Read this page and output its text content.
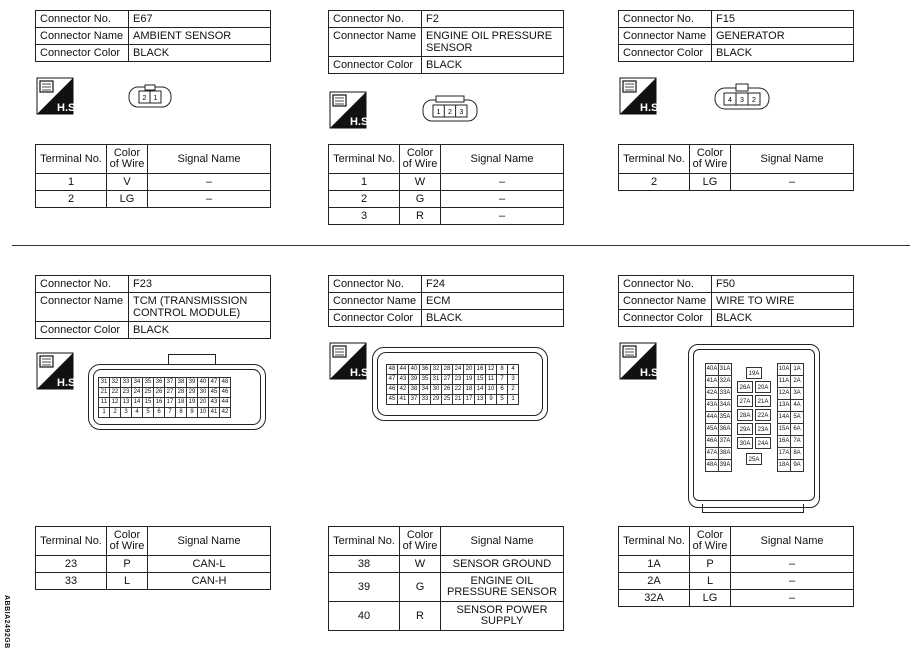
Connector No.	E67
Connector Name	AMBIENT SENSOR
Connector Color	BLACK
Connector No.	F2
Connector Name	ENGINE OIL PRESSURE SENSOR
Connector Color	BLACK
Connector No.	F15
Connector Name	GENERATOR
Connector Color	BLACK
H.S.
H.S.
H.S.
2 1
1 2 3
4 3 2
Terminal No.	Color of Wire	Signal Name
1	V	–
2	LG	–
Terminal No.	Color of Wire	Signal Name
1	W	–
2	G	–
3	R	–
Terminal No.	Color of Wire	Signal Name
2	LG	–
Connector No.	F23
Connector Name	TCM (TRANSMISSION CONTROL MODULE)
Connector Color	BLACK
Connector No.	F24
Connector Name	ECM
Connector Color	BLACK
Connector No.	F50
Connector Name	WIRE TO WIRE
Connector Color	BLACK
H.S.
H.S.	H.S.
31	32	33	34	35	36	37	38	39	40	47	48
21	22	23	24	25	26	27	28	29	30	45	46
11	12	13	14	15	16	17	18	19	20	43	44
1	2	3	4	5	6	7	8	9	10	41	42
48	44	40	36	32	28	24	20	16	12	8	4
47	43	39	35	31	27	23	19	15	11	7	3
46	42	38	34	30	26	22	18	14	10	6	2
45	41	37	33	29	25	21	17	13	9	5	1
40A	31A
41A	32A
42A	33A
43A	34A
44A	35A
45A	36A
46A	37A
47A	38A
48A	39A
10A	1A
11A	2A
12A	3A
13A	4A
14A	5A
15A	6A
16A	7A
17A	8A
18A	9A
19A
26A	20A
27A	21A
28A	22A
29A	23A
30A	24A
25A
Terminal No.	Color of Wire	Signal Name
23	P	CAN-L
33	L	CAN-H
Terminal No.	Color of Wire	Signal Name
38	W	SENSOR GROUND
39	G	ENGINE OIL PRESSURE SENSOR
40	R	SENSOR POWER SUPPLY
Terminal No.	Color of Wire	Signal Name
1A	P	–
2A	L	–
32A	LG	–
ABBIA2492GB
